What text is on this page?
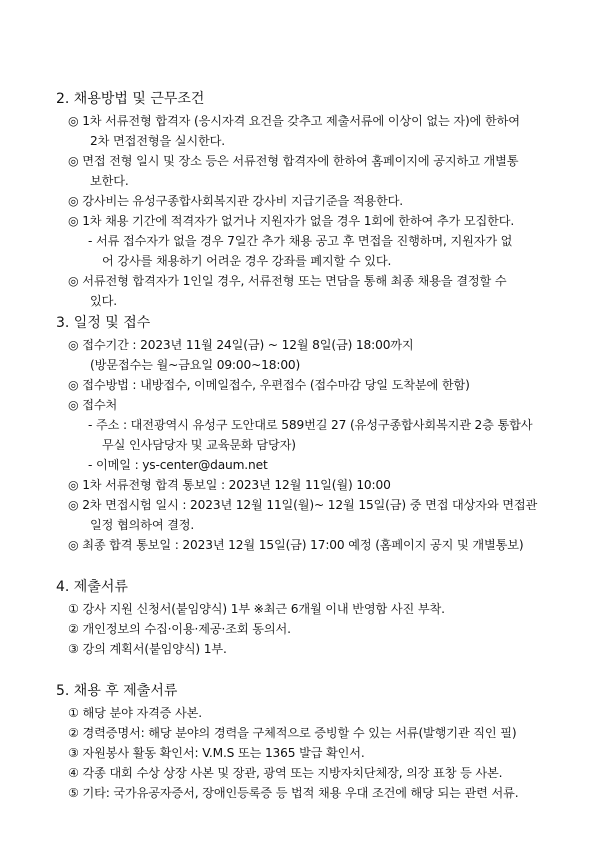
2. 채용방법 및 근무조건
◎ 1차 서류전형 합격자 (응시자격 요건을 갖추고 제출서류에 이상이 없는 자)에 한하여
2차 면접전형을 실시한다.
◎ 면접 전형 일시 및 장소 등은 서류전형 합격자에 한하여 홈페이지에 공지하고 개별통
보한다.
◎ 강사비는 유성구종합사회복지관 강사비 지급기준을 적용한다.
◎ 1차 채용 기간에 적격자가 없거나 지원자가 없을 경우 1회에 한하여 추가 모집한다.
- 서류 접수자가 없을 경우 7일간 추가 채용 공고 후 면접을 진행하며, 지원자가 없
어 강사를 채용하기 어려운 경우 강좌를 폐지할 수 있다.
◎ 서류전형 합격자가 1인일 경우, 서류전형 또는 면담을 통해 최종 채용을 결정할 수
있다.
3. 일정 및 접수
◎ 접수기간 : 2023년 11월 24일(금) ~ 12월 8일(금) 18:00까지
(방문접수는 월~금요일 09:00~18:00)
◎ 접수방법 : 내방접수, 이메일접수, 우편접수 (접수마감 당일 도착분에 한함)
◎ 접수처
- 주소 : 대전광역시 유성구 도안대로 589번길 27 (유성구종합사회복지관 2층 통합사
무실 인사담당자 및 교육문화 담당자)
- 이메일 : ys-center@daum.net
◎ 1차 서류전형 합격 통보일 : 2023년 12월 11일(월) 10:00
◎ 2차 면접시험 일시 : 2023년 12월 11일(월)~ 12월 15일(금) 중 면접 대상자와 면접관
일정 협의하여 결정.
◎ 최종 합격 통보일 : 2023년 12월 15일(금) 17:00 예정 (홈페이지 공지 및 개별통보)
4. 제출서류
① 강사 지원 신청서(붙임양식) 1부 ※최근 6개월 이내 반영함 사진 부착.
② 개인정보의 수집·이용·제공·조회 동의서.
③ 강의 계획서(붙임양식) 1부.
5. 채용 후 제출서류
① 해당 분야 자격증 사본.
② 경력증명서: 해당 분야의 경력을 구체적으로 증빙할 수 있는 서류(발행기관 직인 필)
③ 자원봉사 활동 확인서: V.M.S 또는 1365 발급 확인서.
④ 각종 대회 수상 상장 사본 및 장관, 광역 또는 지방자치단체장, 의장 표창 등 사본.
⑤ 기타: 국가유공자증서, 장애인등록증 등 법적 채용 우대 조건에 해당 되는 관련 서류.
